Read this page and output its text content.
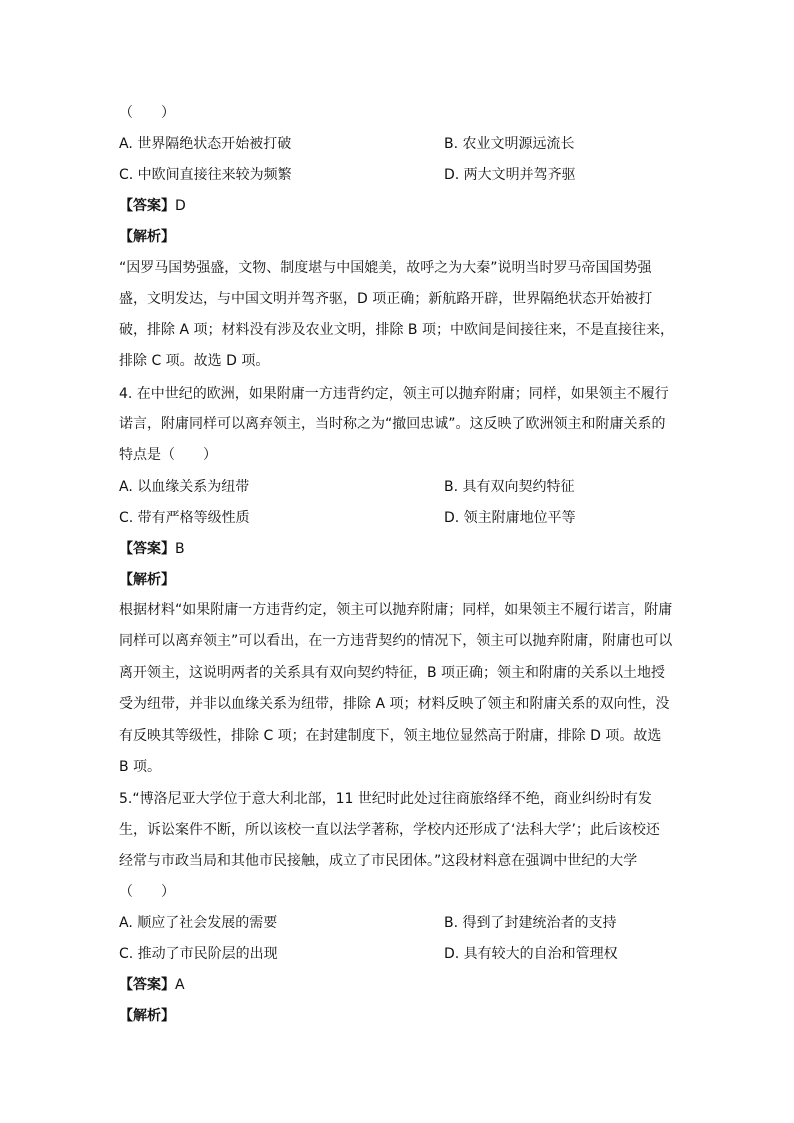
（　　）
A. 世界隔绝状态开始被打破	B. 农业文明源远流长
C. 中欧间直接往来较为频繁	D. 两大文明并驾齐驱
【答案】D
【解析】
“因罗马国势强盛，文物、制度堪与中国媲美，故呼之为大秦”说明当时罗马帝国国势强
盛，文明发达，与中国文明并驾齐驱，D 项正确；新航路开辟，世界隔绝状态开始被打
破，排除 A 项；材料没有涉及农业文明，排除 B 项；中欧间是间接往来，不是直接往来，
排除 C 项。故选 D 项。
4. 在中世纪的欧洲，如果附庸一方违背约定，领主可以抛弃附庸；同样，如果领主不履行
诺言，附庸同样可以离弃领主，当时称之为“撤回忠诚”。这反映了欧洲领主和附庸关系的
特点是（　　）
A. 以血缘关系为纽带	B. 具有双向契约特征
C. 带有严格等级性质	D. 领主附庸地位平等
【答案】B
【解析】
根据材料“如果附庸一方违背约定，领主可以抛弃附庸；同样，如果领主不履行诺言，附庸
同样可以离弃领主”可以看出，在一方违背契约的情况下，领主可以抛弃附庸，附庸也可以
离开领主，这说明两者的关系具有双向契约特征，B 项正确；领主和附庸的关系以土地授
受为纽带，并非以血缘关系为纽带，排除 A 项；材料反映了领主和附庸关系的双向性，没
有反映其等级性，排除 C 项；在封建制度下，领主地位显然高于附庸，排除 D 项。故选
B 项。
5.“博洛尼亚大学位于意大利北部，11 世纪时此处过往商旅络绎不绝，商业纠纷时有发
生，诉讼案件不断，所以该校一直以法学著称，学校内还形成了‘法科大学’；此后该校还
经常与市政当局和其他市民接触，成立了市民团体。”这段材料意在强调中世纪的大学
（　　）
A. 顺应了社会发展的需要	B. 得到了封建统治者的支持
C. 推动了市民阶层的出现	D. 具有较大的自治和管理权
【答案】A
【解析】
